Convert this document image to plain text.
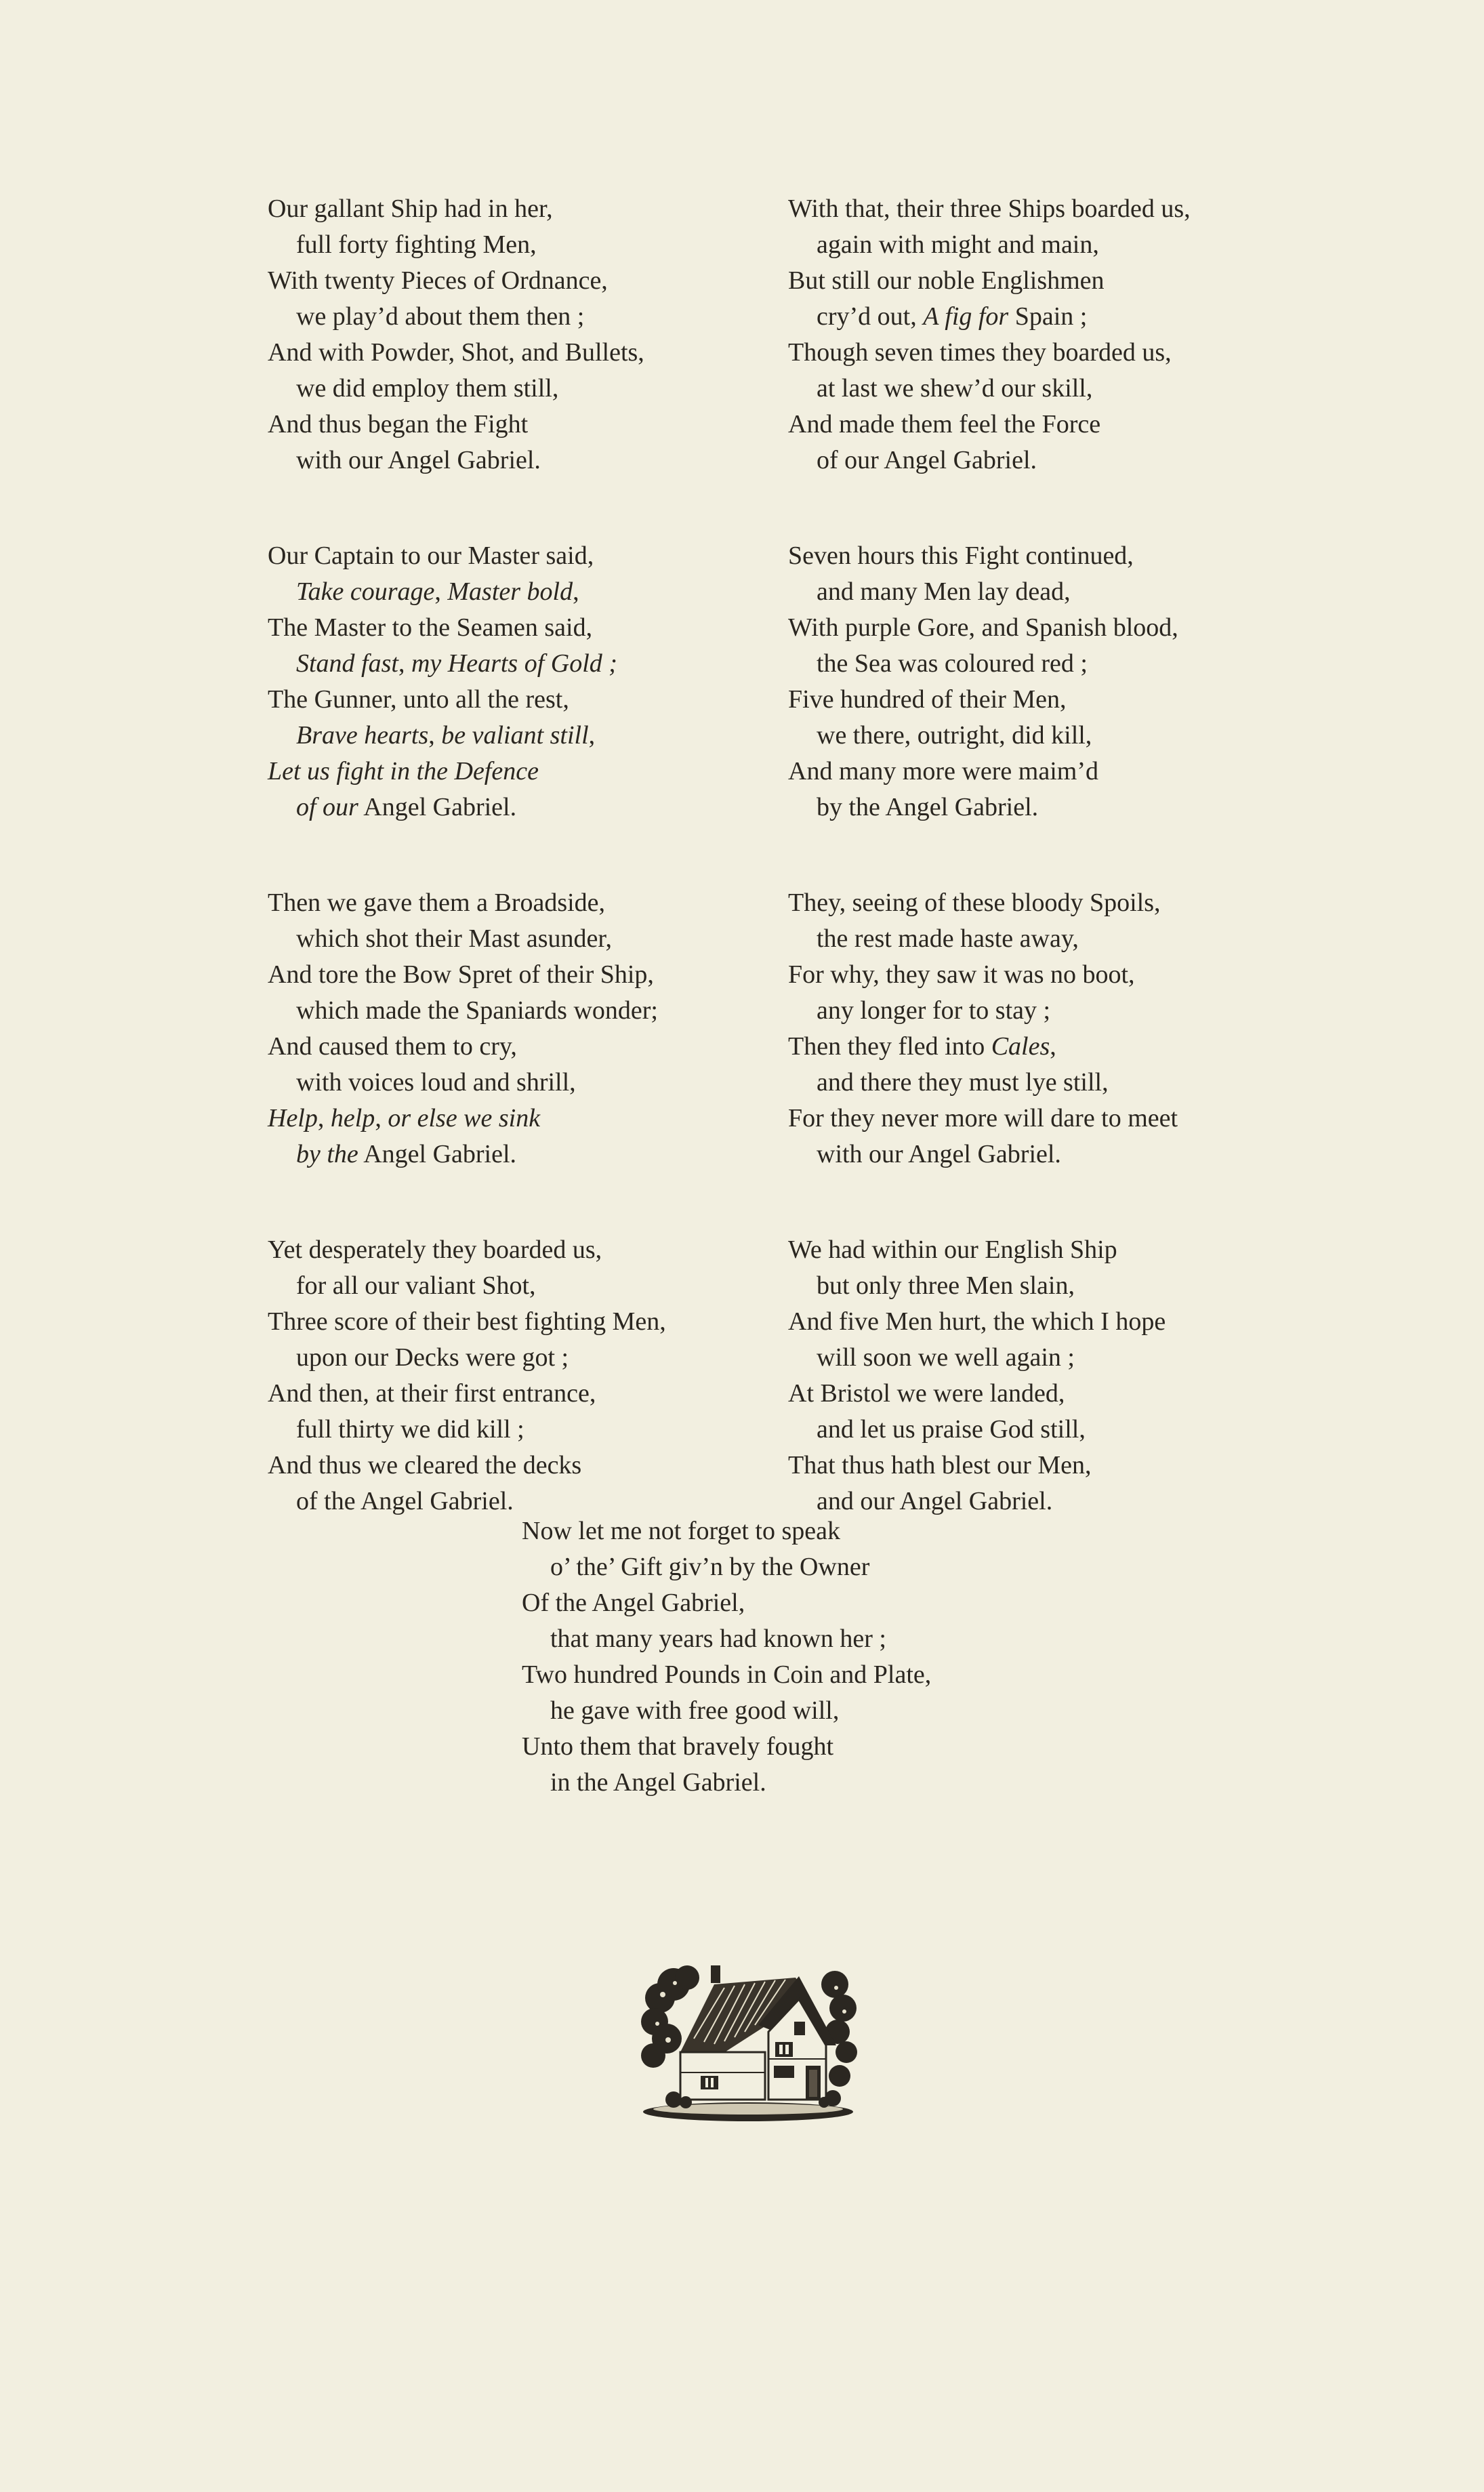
Our gallant Ship had in her,
full forty fighting Men,
With twenty Pieces of Ordnance,
we play’d about them then ;
And with Powder, Shot, and Bullets,
we did employ them still,
And thus began the Fight
with our Angel Gabriel.
Our Captain to our Master said,
Take courage, Master bold,
The Master to the Seamen said,
Stand fast, my Hearts of Gold ;
The Gunner, unto all the rest,
Brave hearts, be valiant still,
Let us fight in the Defence
of our Angel Gabriel.
Then we gave them a Broadside,
which shot their Mast asunder,
And tore the Bow Spret of their Ship,
which made the Spaniards wonder;
And caused them to cry,
with voices loud and shrill,
Help, help, or else we sink
by the Angel Gabriel.
Yet desperately they boarded us,
for all our valiant Shot,
Three score of their best fighting Men,
upon our Decks were got ;
And then, at their first entrance,
full thirty we did kill ;
And thus we cleared the decks
of the Angel Gabriel.
With that, their three Ships boarded us,
again with might and main,
But still our noble Englishmen
cry’d out, A fig for Spain ;
Though seven times they boarded us,
at last we shew’d our skill,
And made them feel the Force
of our Angel Gabriel.
Seven hours this Fight continued,
and many Men lay dead,
With purple Gore, and Spanish blood,
the Sea was coloured red ;
Five hundred of their Men,
we there, outright, did kill,
And many more were maim’d
by the Angel Gabriel.
They, seeing of these bloody Spoils,
the rest made haste away,
For why, they saw it was no boot,
any longer for to stay ;
Then they fled into Cales,
and there they must lye still,
For they never more will dare to meet
with our Angel Gabriel.
We had within our English Ship
but only three Men slain,
And five Men hurt, the which I hope
will soon we well again ;
At Bristol we were landed,
and let us praise God still,
That thus hath blest our Men,
and our Angel Gabriel.
Now let me not forget to speak
o’ the’ Gift giv’n by the Owner
Of the Angel Gabriel,
that many years had known her ;
Two hundred Pounds in Coin and Plate,
he gave with free good will,
Unto them that bravely fought
in the Angel Gabriel.
